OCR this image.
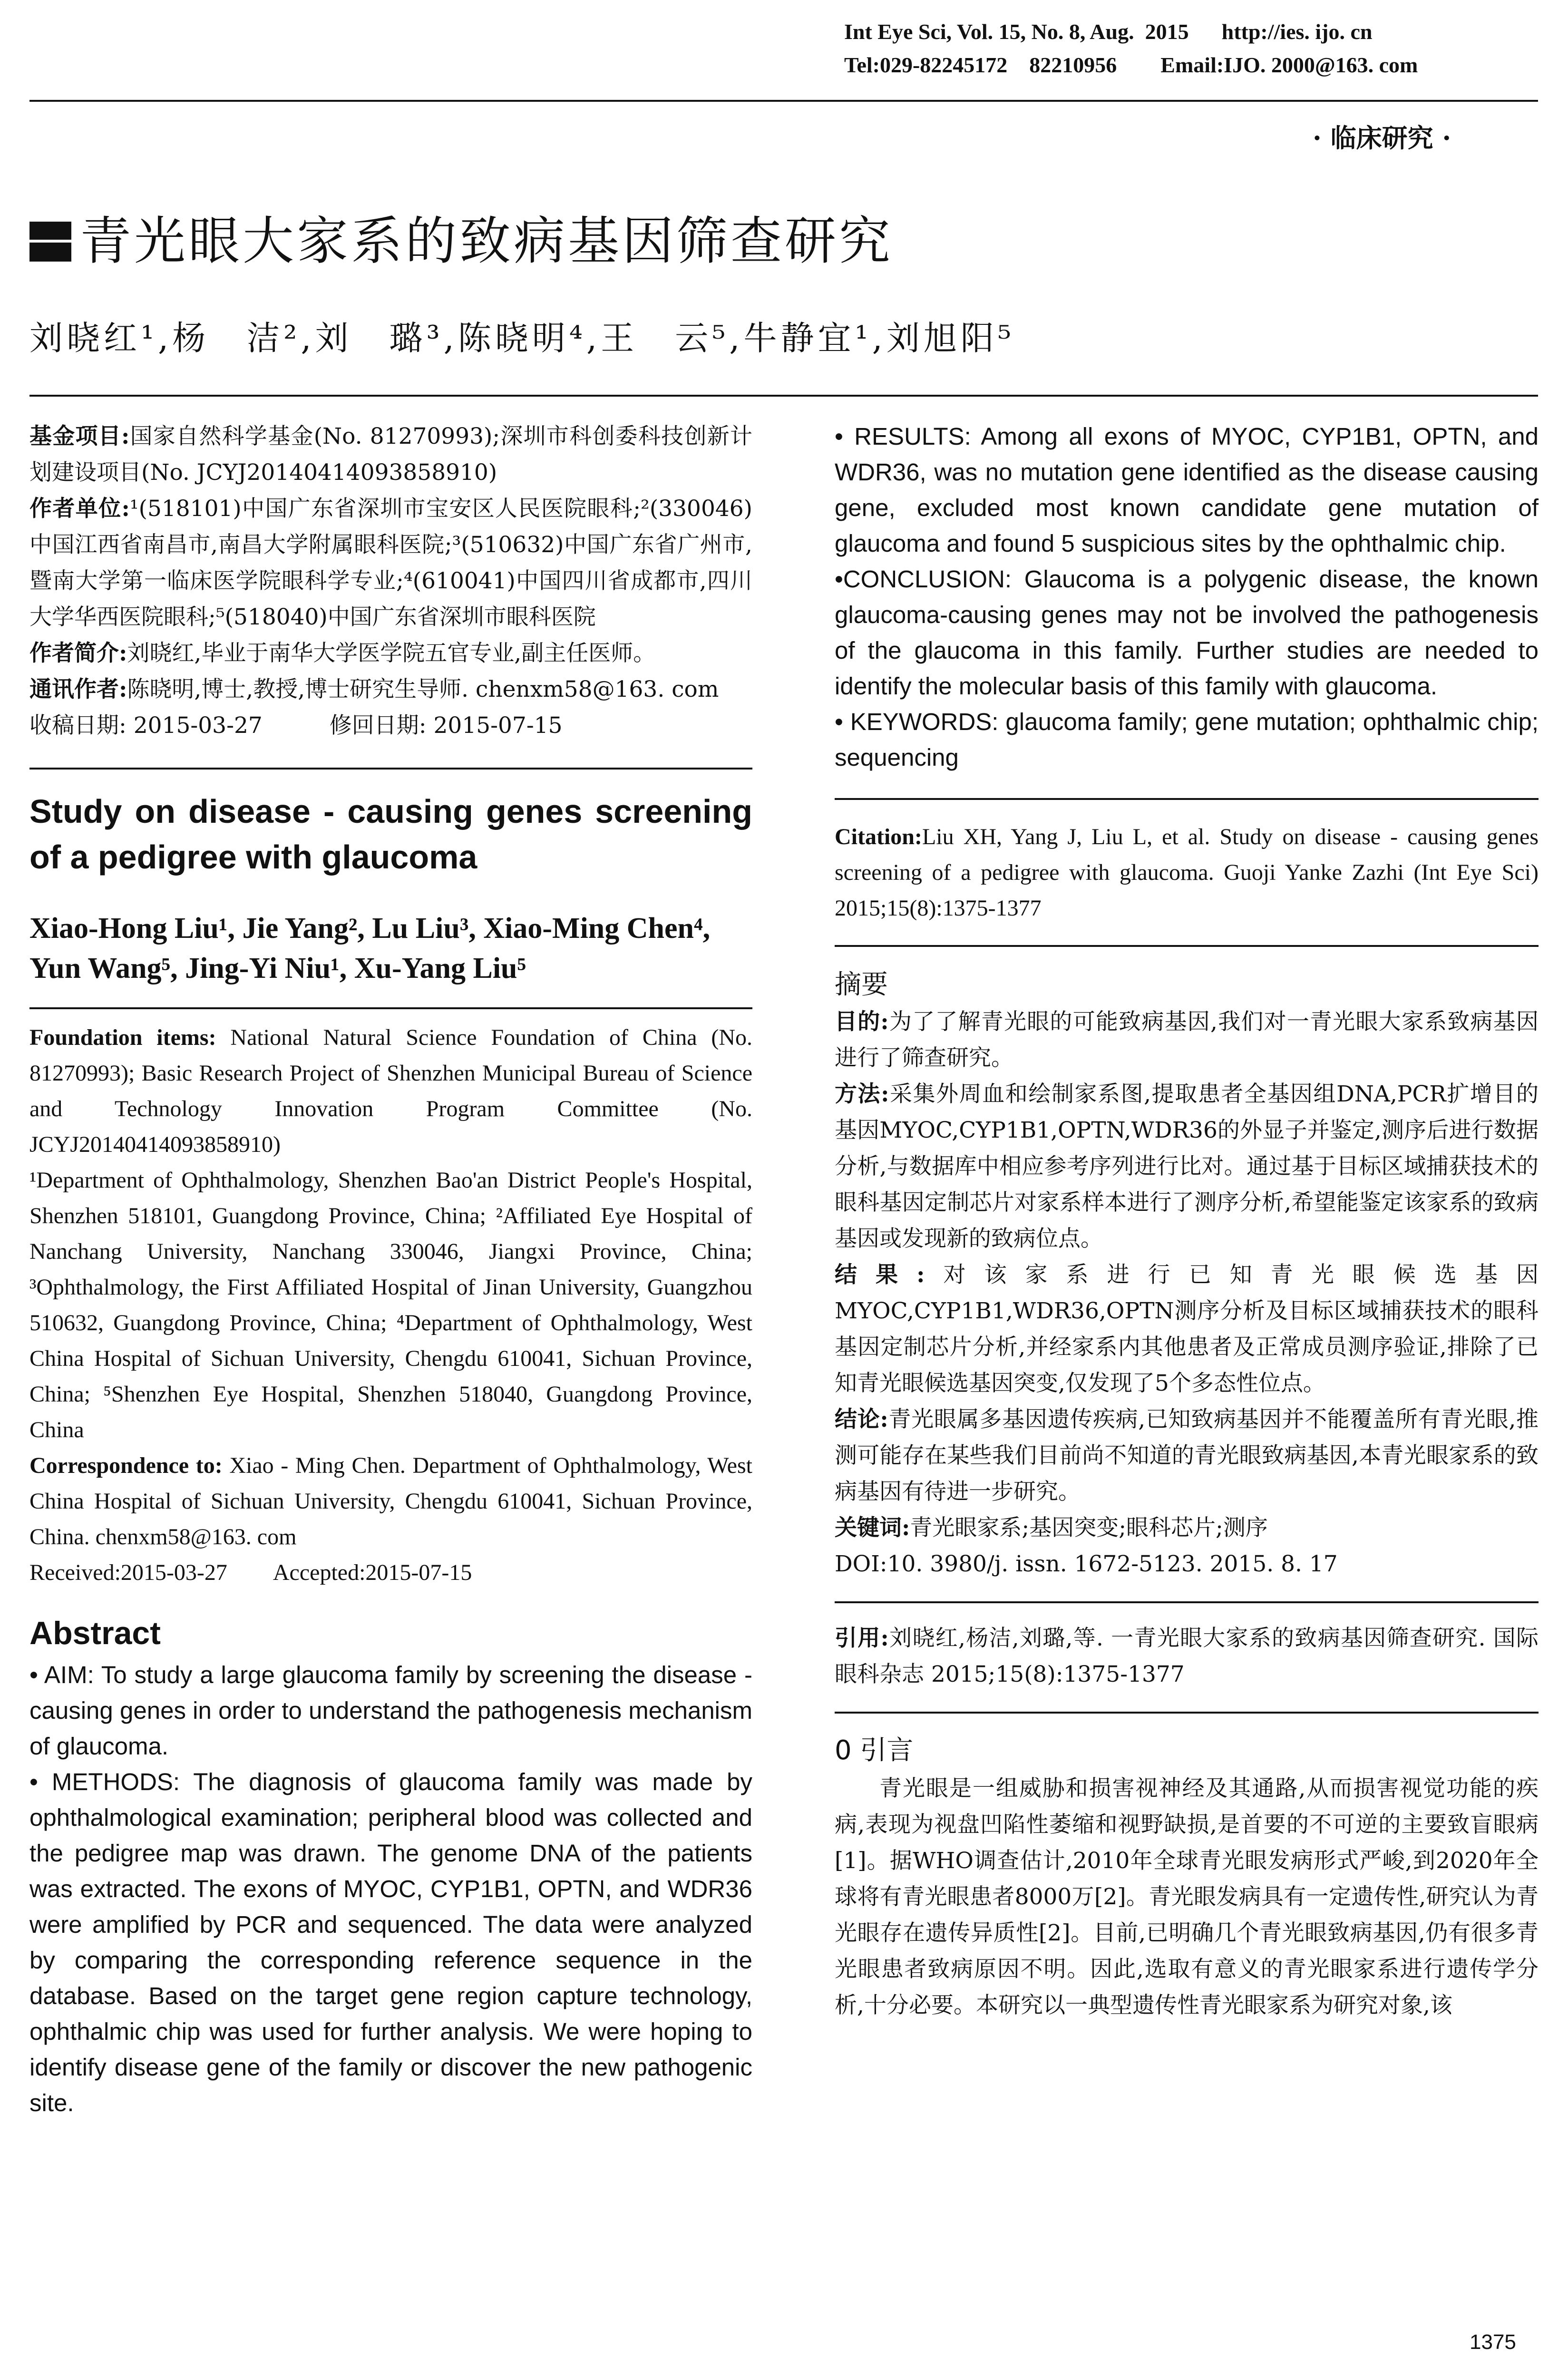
Int Eye Sci, Vol. 15, No. 8, Aug.  2015      http://ies. ijo. cn
Tel:029-82245172    82210956        Email:IJO. 2000@163. com
· 临床研究 ·
青光眼大家系的致病基因筛查研究
刘晓红¹,杨　洁²,刘　璐³,陈晓明⁴,王　云⁵,牛静宜¹,刘旭阳⁵

基金项目:国家自然科学基金(No. 81270993);深圳市科创委科技创新计划建设项目(No. JCYJ20140414093858910)

作者单位:¹(518101)中国广东省深圳市宝安区人民医院眼科;²(330046)中国江西省南昌市,南昌大学附属眼科医院;³(510632)中国广东省广州市,暨南大学第一临床医学院眼科学专业;⁴(610041)中国四川省成都市,四川大学华西医院眼科;⁵(518040)中国广东省深圳市眼科医院

作者简介:刘晓红,毕业于南华大学医学院五官专业,副主任医师。

通讯作者:陈晓明,博士,教授,博士研究生导师. chenxm58@163. com

收稿日期: 2015-03-27　　　修回日期: 2015-07-15

Study on disease - causing genes screening of a pedigree with glaucoma

Xiao-Hong Liu¹, Jie Yang², Lu Liu³, Xiao-Ming Chen⁴, Yun Wang⁵, Jing-Yi Niu¹, Xu-Yang Liu⁵

Foundation items: National Natural Science Foundation of China (No. 81270993); Basic Research Project of Shenzhen Municipal Bureau of Science and Technology Innovation Program Committee (No. JCYJ20140414093858910)

¹Department of Ophthalmology, Shenzhen Bao'an District People's Hospital, Shenzhen 518101, Guangdong Province, China; ²Affiliated Eye Hospital of Nanchang University, Nanchang 330046, Jiangxi Province, China; ³Ophthalmology, the First Affiliated Hospital of Jinan University, Guangzhou 510632, Guangdong Province, China; ⁴Department of Ophthalmology, West China Hospital of Sichuan University, Chengdu 610041, Sichuan Province, China; ⁵Shenzhen Eye Hospital, Shenzhen 518040, Guangdong Province, China

Correspondence to: Xiao - Ming Chen. Department of Ophthalmology, West China Hospital of Sichuan University, Chengdu 610041, Sichuan Province, China. chenxm58@163. com

Received:2015-03-27　　Accepted:2015-07-15

Abstract

• AIM: To study a large glaucoma family by screening the disease - causing genes in order to understand the pathogenesis mechanism of glaucoma.

• METHODS: The diagnosis of glaucoma family was made by ophthalmological examination; peripheral blood was collected and the pedigree map was drawn. The genome DNA of the patients was extracted. The exons of MYOC, CYP1B1, OPTN, and WDR36 were amplified by PCR and sequenced. The data were analyzed by comparing the corresponding reference sequence in the database. Based on the target gene region capture technology, ophthalmic chip was used for further analysis. We were hoping to identify disease gene of the family or discover the new pathogenic site.

• RESULTS: Among all exons of MYOC, CYP1B1, OPTN, and WDR36, was no mutation gene identified as the disease causing gene, excluded most known candidate gene mutation of glaucoma and found 5 suspicious sites by the ophthalmic chip.

•CONCLUSION: Glaucoma is a polygenic disease, the known glaucoma-causing genes may not be involved the pathogenesis of the glaucoma in this family. Further studies are needed to identify the molecular basis of this family with glaucoma.

• KEYWORDS: glaucoma family; gene mutation; ophthalmic chip; sequencing

Citation:Liu XH, Yang J, Liu L, et al. Study on disease - causing genes screening of a pedigree with glaucoma. Guoji Yanke Zazhi (Int Eye Sci) 2015;15(8):1375-1377

摘要

目的:为了了解青光眼的可能致病基因,我们对一青光眼大家系致病基因进行了筛查研究。

方法:采集外周血和绘制家系图,提取患者全基因组DNA,PCR扩增目的基因MYOC,CYP1B1,OPTN,WDR36的外显子并鉴定,测序后进行数据分析,与数据库中相应参考序列进行比对。通过基于目标区域捕获技术的眼科基因定制芯片对家系样本进行了测序分析,希望能鉴定该家系的致病基因或发现新的致病位点。

结果:对该家系进行已知青光眼候选基因MYOC,CYP1B1,WDR36,OPTN测序分析及目标区域捕获技术的眼科基因定制芯片分析,并经家系内其他患者及正常成员测序验证,排除了已知青光眼候选基因突变,仅发现了5个多态性位点。

结论:青光眼属多基因遗传疾病,已知致病基因并不能覆盖所有青光眼,推测可能存在某些我们目前尚不知道的青光眼致病基因,本青光眼家系的致病基因有待进一步研究。

关键词:青光眼家系;基因突变;眼科芯片;测序

DOI:10. 3980/j. issn. 1672-5123. 2015. 8. 17

引用:刘晓红,杨洁,刘璐,等. 一青光眼大家系的致病基因筛查研究. 国际眼科杂志 2015;15(8):1375-1377

0 引言

青光眼是一组威胁和损害视神经及其通路,从而损害视觉功能的疾病,表现为视盘凹陷性萎缩和视野缺损,是首要的不可逆的主要致盲眼病[1]。据WHO调查估计,2010年全球青光眼发病形式严峻,到2020年全球将有青光眼患者8000万[2]。青光眼发病具有一定遗传性,研究认为青光眼存在遗传异质性[2]。目前,已明确几个青光眼致病基因,仍有很多青光眼患者致病原因不明。因此,选取有意义的青光眼家系进行遗传学分析,十分必要。本研究以一典型遗传性青光眼家系为研究对象,该

1375
